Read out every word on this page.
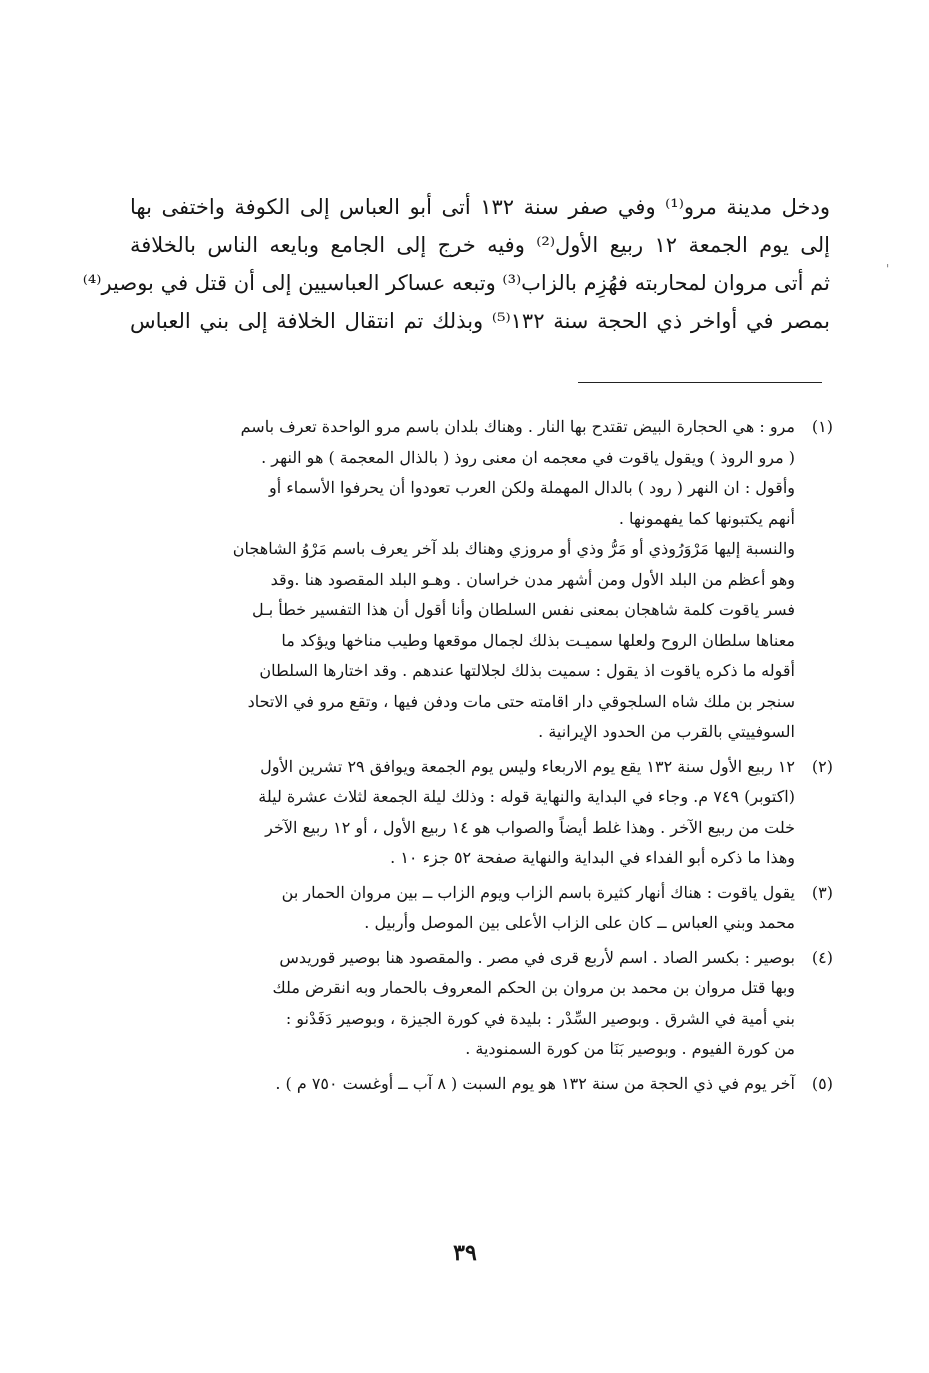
ودخل مدينة مرو⁽¹⁾ وفي صفر سنة ١٣٢ أتى أبو العباس إلى الكوفة واختفى بها
إلى يوم الجمعة ١٢ ربيع الأول⁽²⁾ وفيه خرج إلى الجامع وبايعه الناس بالخلافة
ثم أتى مروان لمحاربته فهُزِم بالزاب⁽³⁾ وتبعه عساكر العباسيين إلى أن قتل في بوصير⁽⁴⁾
بمصر في أواخر ذي الحجة سنة ١٣٢⁽⁵⁾ وبذلك تم انتقال الخلافة إلى بني العباس
'
(١)مرو : هي الحجارة البيض تقتدح بها النار . وهناك بلدان باسم مرو الواحدة تعرف باسم
( مرو الروذ ) ويقول ياقوت في معجمه ان معنى روذ ( بالذال المعجمة ) هو النهر .
وأقول : ان النهر ( رود ) بالدال المهملة ولكن العرب تعودوا أن يحرفوا الأسماء أو
أنهم يكتبونها كما يفهمونها .
والنسبة إليها مَرْوَرُوذي أو مَرُّ وذي أو مروزي وهناك بلد آخر يعرف باسم مَرْوُ الشاهجان
وهو أعظم من البلد الأول ومن أشهر مدن خراسان . وهـو البلد المقصود هنا .وقد
فسر ياقوت كلمة شاهجان بمعنى نفس السلطان وأنا أقول أن هذا التفسير خطأ بـل
معناها سلطان الروح ولعلها سميـت بذلك لجمال موقعها وطيب مناخها ويؤكد ما
أقوله ما ذكره ياقوت اذ يقول : سميت بذلك لجلالتها عندهم . وقد اختارها السلطان
سنجر بن ملك شاه السلجوقي دار اقامته حتى مات ودفن فيها ، وتقع مرو في الاتحاد
السوفييتي بالقرب من الحدود الإيرانية .
(٢)١٢ ربيع الأول سنة ١٣٢ يقع يوم الاربعاء وليس يوم الجمعة ويوافق ٢٩ تشرين الأول
(اكتوبر) ٧٤٩ م. وجاء في البداية والنهاية قوله : وذلك ليلة الجمعة لثلاث عشرة ليلة
خلت من ربيع الآخر . وهذا غلط أيضاً والصواب هو ١٤ ربيع الأول ، أو ١٢ ربيع الآخر
وهذا ما ذكره أبو الفداء في البداية والنهاية صفحة ٥٢ جزء ١٠ .
(٣)يقول ياقوت : هناك أنهار كثيرة باسم الزاب ويوم الزاب ــ بين مروان الحمار بن
محمد وبني العباس ــ كان على الزاب الأعلى بين الموصل وأربيل .
(٤)بوصير : بكسر الصاد . اسم لأربع قرى في مصر . والمقصود هنا بوصير قوريدس
وبها قتل مروان بن محمد بن مروان بن الحكم المعروف بالحمار وبه انقرض ملك
بني أمية في الشرق . وبوصير السِّدْر : بليدة في كورة الجيزة ، وبوصير دَفَدْنو :
من كورة الفيوم . وبوصير بَنَا من كورة السمنودية .
(٥)آخر يوم في ذي الحجة من سنة ١٣٢ هو يوم السبت ( ٨ آب ــ أوغست ٧٥٠ م ) .
٣٩
